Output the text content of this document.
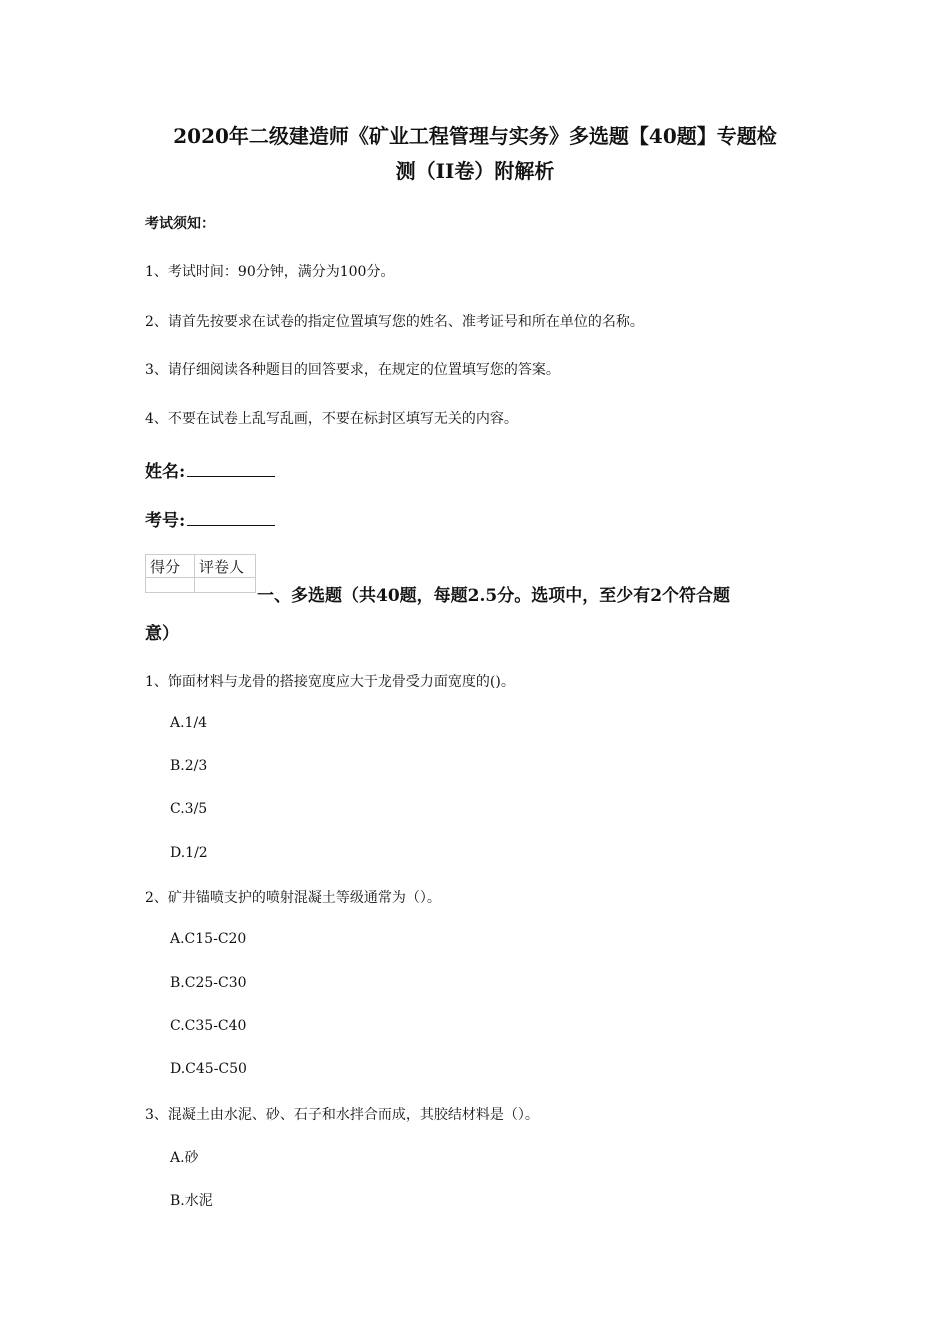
2020年二级建造师《矿业工程管理与实务》多选题【40题】专题检
测（II卷）附解析
考试须知：
1、考试时间：90分钟，满分为100分。
2、请首先按要求在试卷的指定位置填写您的姓名、准考证号和所在单位的名称。
3、请仔细阅读各种题目的回答要求，在规定的位置填写您的答案。
4、不要在试卷上乱写乱画，不要在标封区填写无关的内容。
姓名:
考号:
得分	评卷人

一、多选题（共40题，每题2.5分。选项中，至少有2个符合题
意）
1、饰面材料与龙骨的搭接宽度应大于龙骨受力面宽度的()。
A.1/4
B.2/3
C.3/5
D.1/2
2、矿井锚喷支护的喷射混凝土等级通常为（）。
A.C15-C20
B.C25-C30
C.C35-C40
D.C45-C50
3、混凝土由水泥、砂、石子和水拌合而成，其胶结材料是（）。
A.砂
B.水泥
